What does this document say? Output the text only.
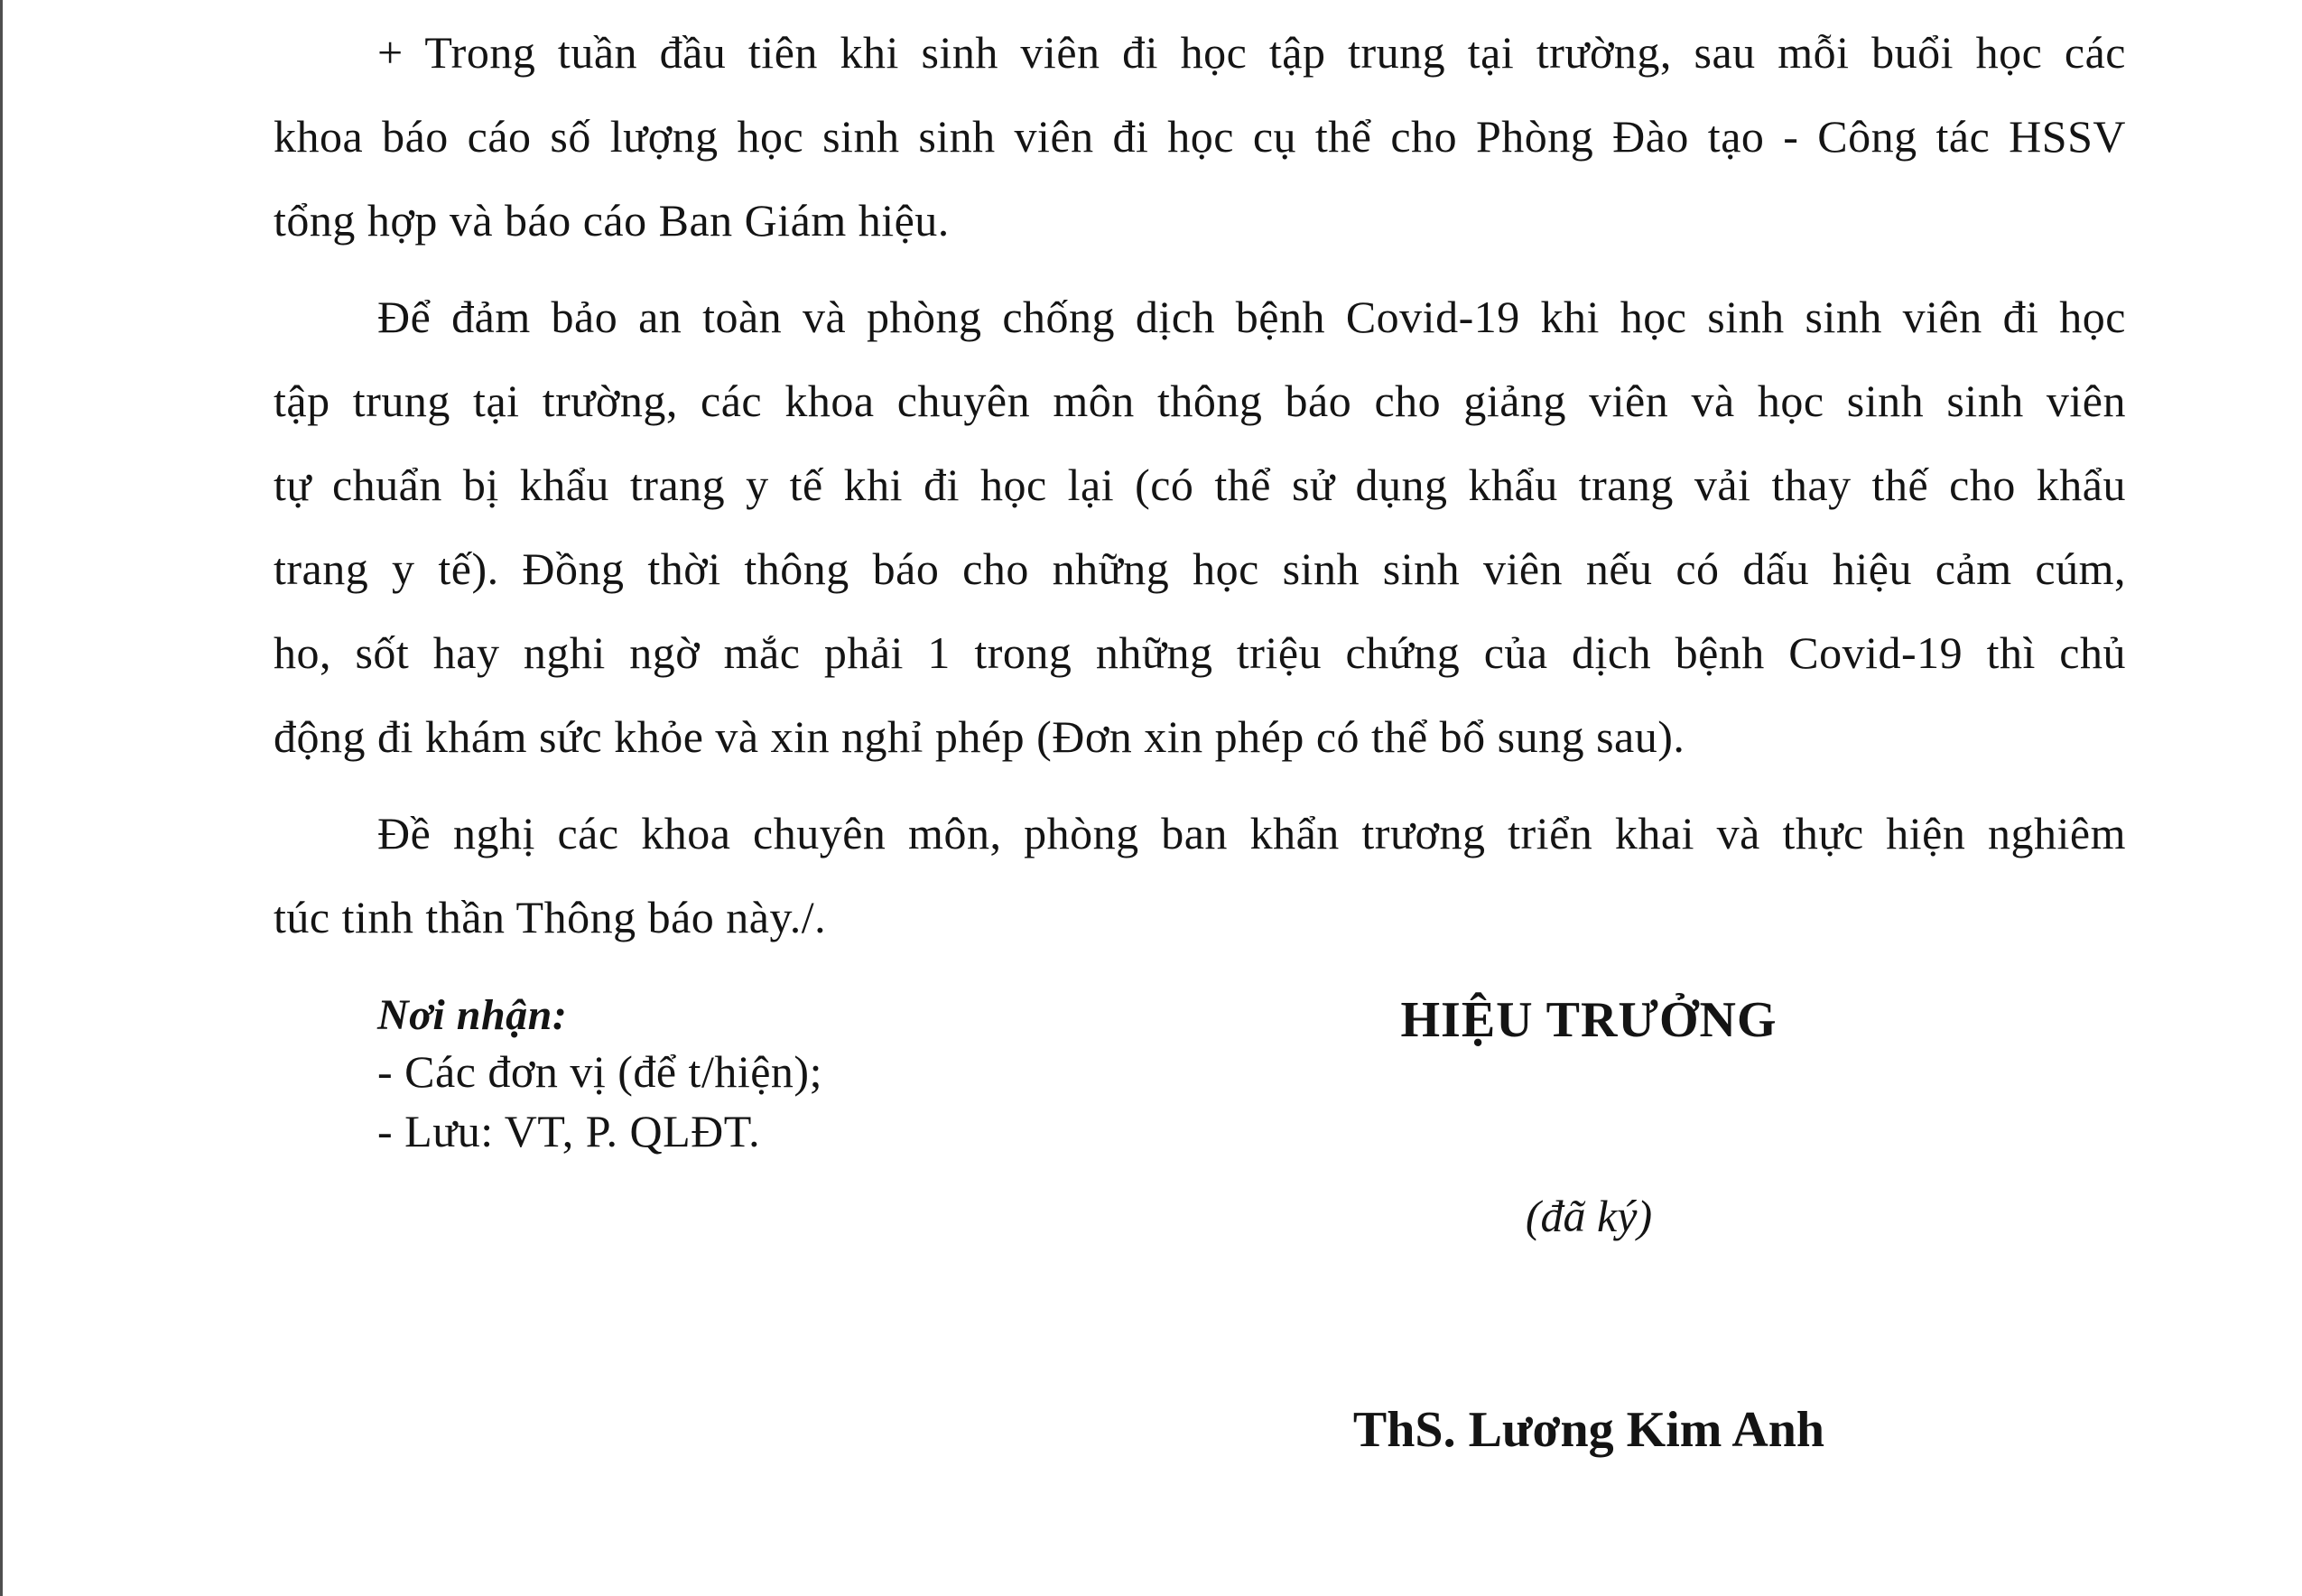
+ Trong tuần đầu tiên khi sinh viên đi học tập trung tại trường, sau mỗi buổi học các
khoa báo cáo số lượng học sinh sinh viên đi học cụ thể cho Phòng Đào tạo - Công tác HSSV
tổng hợp và báo cáo Ban Giám hiệu.
Để đảm bảo an toàn và phòng chống dịch bệnh Covid-19 khi học sinh sinh viên đi học
tập trung tại trường, các khoa chuyên môn thông báo cho giảng viên và học sinh sinh viên
tự chuẩn bị khẩu trang y tế khi đi học lại (có thể sử dụng khẩu trang vải thay thế cho khẩu
trang y tế). Đồng thời thông báo cho những học sinh sinh viên nếu có dấu hiệu cảm cúm,
ho, sốt hay nghi ngờ mắc phải 1 trong những triệu chứng của dịch bệnh Covid-19 thì chủ
động đi khám sức khỏe và xin nghỉ phép (Đơn xin phép có thể bổ sung sau).
Đề nghị các khoa chuyên môn, phòng ban khẩn trương triển khai và thực hiện nghiêm
túc tinh thần Thông báo này./.
Nơi nhận:
- Các đơn vị (để t/hiện);
- Lưu: VT, P. QLĐT.
HIỆU TRƯỞNG
(đã ký)
ThS. Lương Kim Anh
